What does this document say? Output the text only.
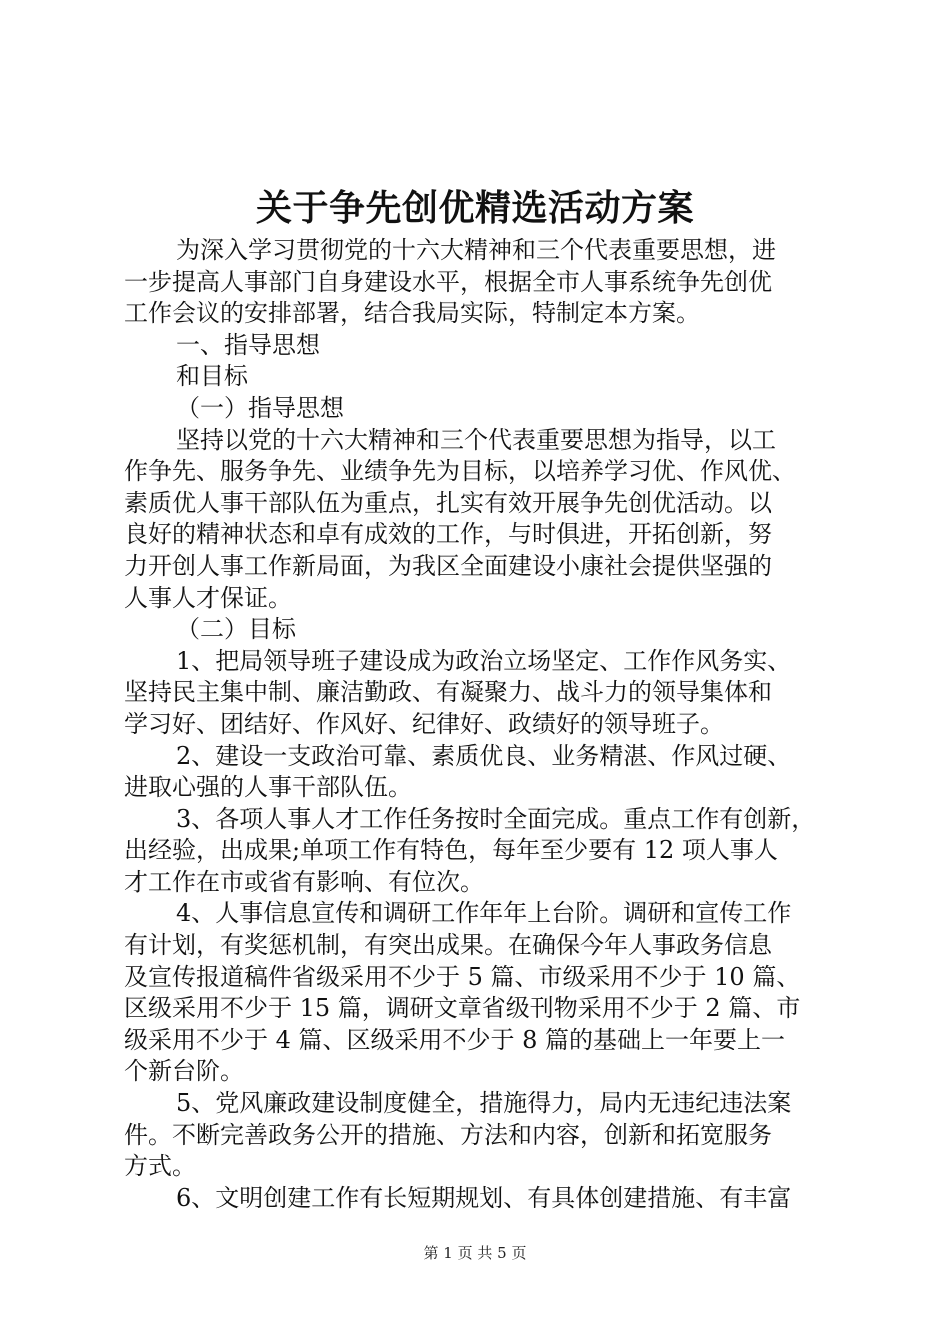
关于争先创优精选活动方案
为深入学习贯彻党的十六大精神和三个代表重要思想，进
一步提高人事部门自身建设水平，根据全市人事系统争先创优
工作会议的安排部署，结合我局实际，特制定本方案。
一、指导思想
和目标
（一）指导思想
坚持以党的十六大精神和三个代表重要思想为指导，以工
作争先、服务争先、业绩争先为目标，以培养学习优、作风优、
素质优人事干部队伍为重点，扎实有效开展争先创优活动。以
良好的精神状态和卓有成效的工作，与时俱进，开拓创新，努
力开创人事工作新局面，为我区全面建设小康社会提供坚强的
人事人才保证。
（二）目标
1、把局领导班子建设成为政治立场坚定、工作作风务实、
坚持民主集中制、廉洁勤政、有凝聚力、战斗力的领导集体和
学习好、团结好、作风好、纪律好、政绩好的领导班子。
2、建设一支政治可靠、素质优良、业务精湛、作风过硬、
进取心强的人事干部队伍。
3、各项人事人才工作任务按时全面完成。重点工作有创新，
出经验，出成果;单项工作有特色，每年至少要有 12 项人事人
才工作在市或省有影响、有位次。
4、人事信息宣传和调研工作年年上台阶。调研和宣传工作
有计划，有奖惩机制，有突出成果。在确保今年人事政务信息
及宣传报道稿件省级采用不少于 5 篇、市级采用不少于 10 篇、
区级采用不少于 15 篇，调研文章省级刊物采用不少于 2 篇、市
级采用不少于 4 篇、区级采用不少于 8 篇的基础上一年要上一
个新台阶。
5、党风廉政建设制度健全，措施得力，局内无违纪违法案
件。不断完善政务公开的措施、方法和内容，创新和拓宽服务
方式。
6、文明创建工作有长短期规划、有具体创建措施、有丰富
第 1 页 共 5 页
